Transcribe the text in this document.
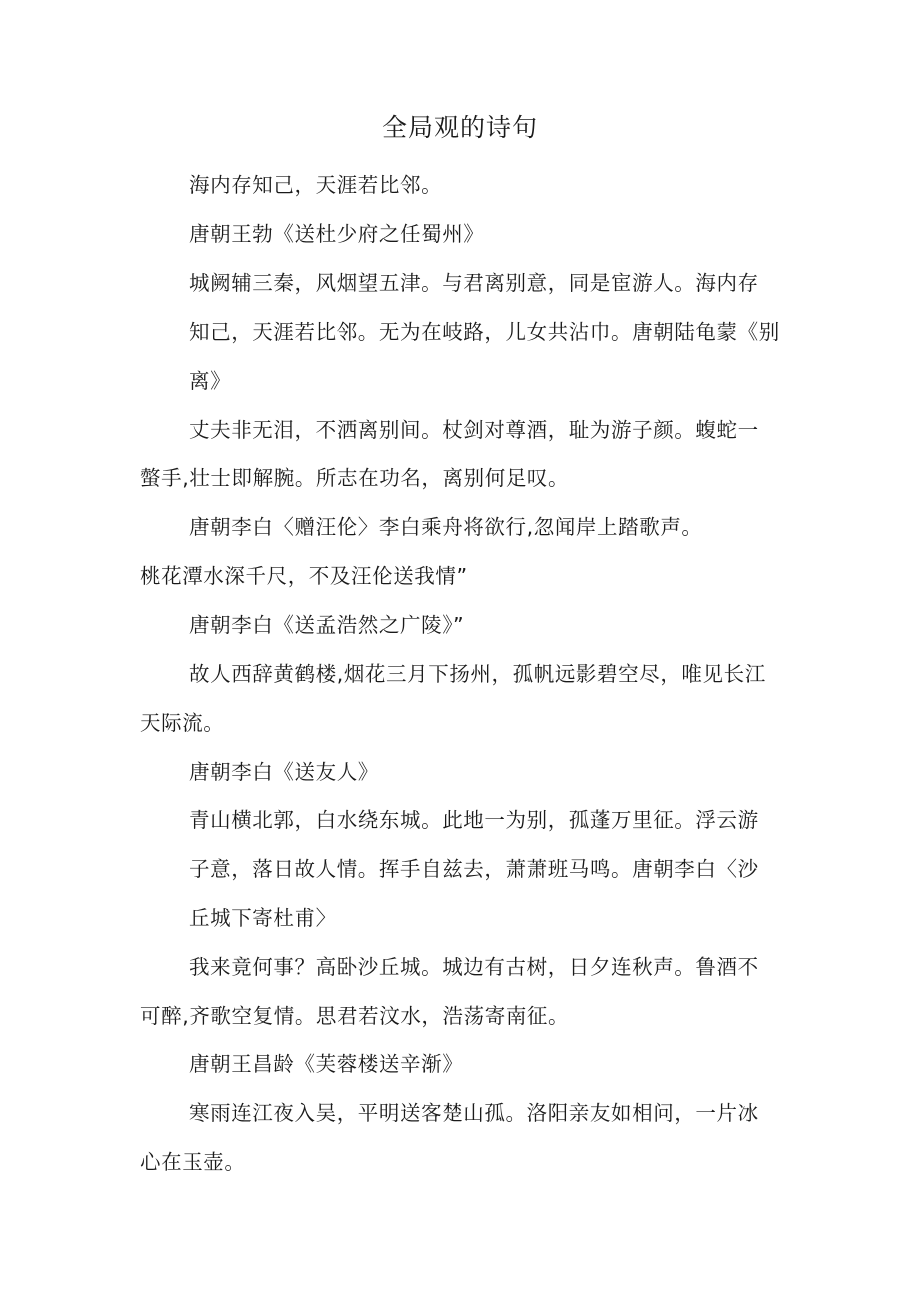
全局观的诗句

海内存知己，天涯若比邻。

唐朝王勃《送杜少府之任蜀州》

城阙辅三秦，风烟望五津。与君离别意，同是宦游人。海内存

知己，天涯若比邻。无为在岐路，儿女共沾巾。唐朝陆龟蒙《别

离》

丈夫非无泪，不洒离别间。杖剑对尊酒，耻为游子颜。蝮蛇一

螫手,壮士即解腕。所志在功名，离别何足叹。

唐朝李白〈赠汪伦〉李白乘舟将欲行,忽闻岸上踏歌声。

桃花潭水深千尺，不及汪伦送我情”

唐朝李白《送孟浩然之广陵》”

故人西辞黄鹤楼,烟花三月下扬州，孤帆远影碧空尽，唯见长江

天际流。

唐朝李白《送友人》

青山横北郭，白水绕东城。此地一为别，孤蓬万里征。浮云游

子意，落日故人情。挥手自兹去，萧萧班马鸣。唐朝李白〈沙

丘城下寄杜甫〉

我来竟何事？高卧沙丘城。城边有古树，日夕连秋声。鲁酒不

可醉,齐歌空复情。思君若汶水，浩荡寄南征。

唐朝王昌龄《芙蓉楼送辛渐》

寒雨连江夜入吴，平明送客楚山孤。洛阳亲友如相问，一片冰

心在玉壶。
